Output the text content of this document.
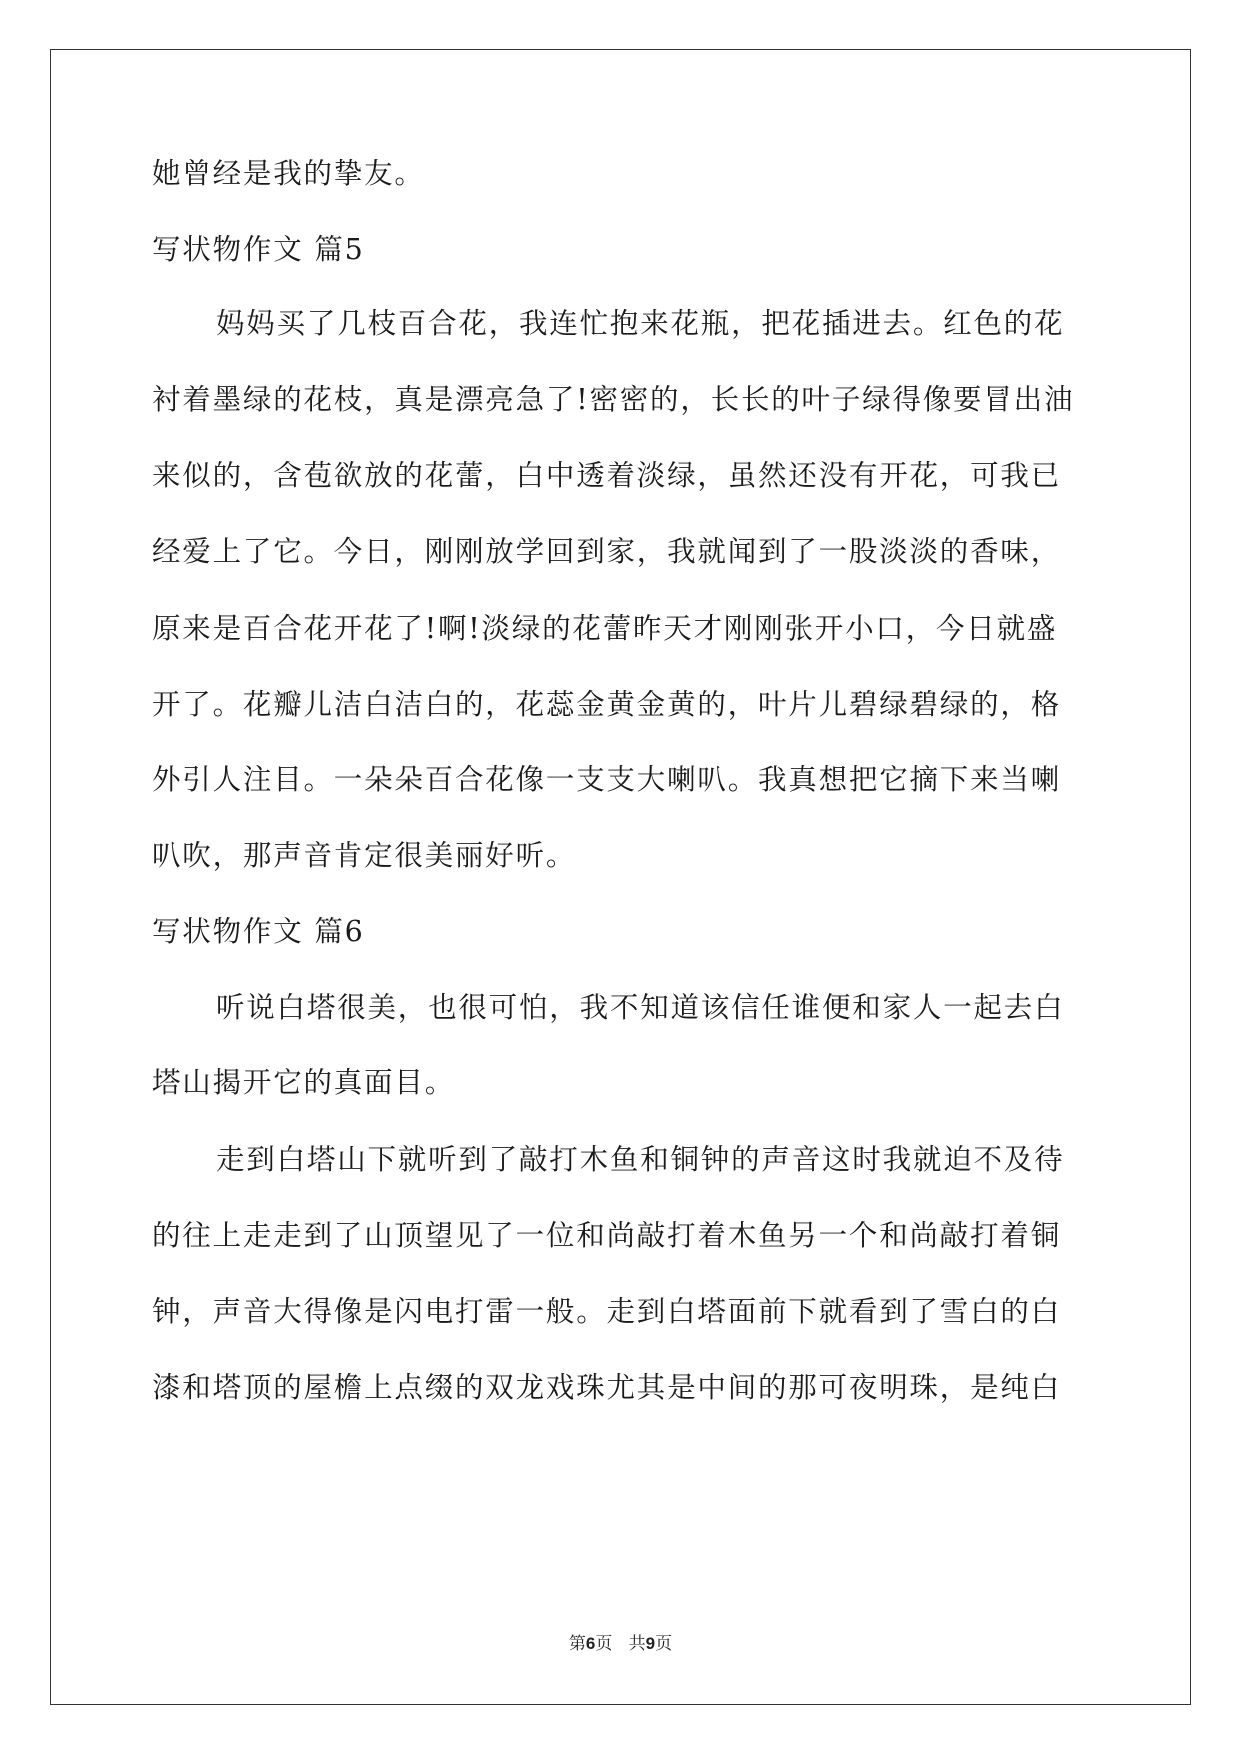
她曾经是我的挚友。
写状物作文 篇5
妈妈买了几枝百合花，我连忙抱来花瓶，把花插进去。红色的花
衬着墨绿的花枝，真是漂亮急了!密密的，长长的叶子绿得像要冒出油
来似的，含苞欲放的花蕾，白中透着淡绿，虽然还没有开花，可我已
经爱上了它。今日，刚刚放学回到家，我就闻到了一股淡淡的香味，
原来是百合花开花了!啊!淡绿的花蕾昨天才刚刚张开小口，今日就盛
开了。花瓣儿洁白洁白的，花蕊金黄金黄的，叶片儿碧绿碧绿的，格
外引人注目。一朵朵百合花像一支支大喇叭。我真想把它摘下来当喇
叭吹，那声音肯定很美丽好听。
写状物作文 篇6
听说白塔很美，也很可怕，我不知道该信任谁便和家人一起去白
塔山揭开它的真面目。
走到白塔山下就听到了敲打木鱼和铜钟的声音这时我就迫不及待
的往上走走到了山顶望见了一位和尚敲打着木鱼另一个和尚敲打着铜
钟，声音大得像是闪电打雷一般。走到白塔面前下就看到了雪白的白
漆和塔顶的屋檐上点缀的双龙戏珠尤其是中间的那可夜明珠，是纯白
第6页   共9页
